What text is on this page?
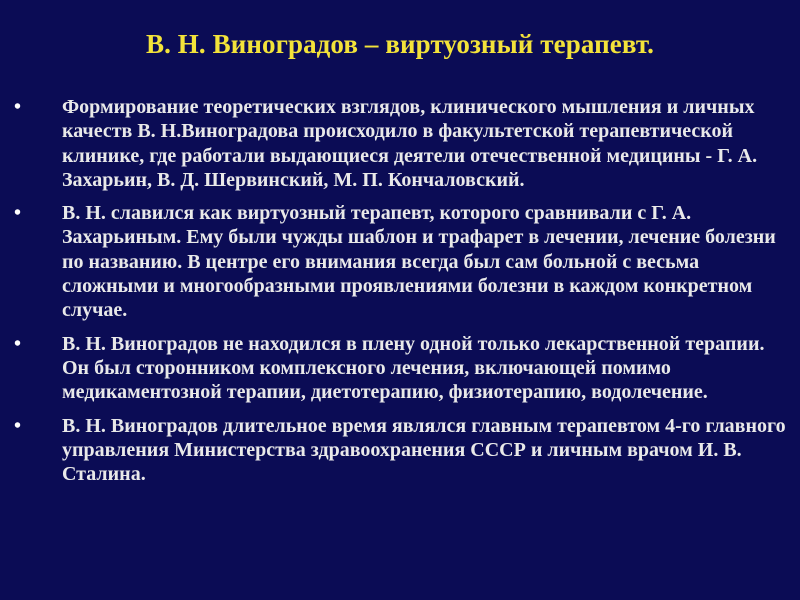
В. Н. Виноградов – виртуозный терапевт.
• Формирование теоретических взглядов, клинического мышления и личных качеств В. Н.Виноградова происходило в факультетской терапевтической клинике, где работали выдающиеся деятели отечественной медицины - Г. А. Захарьин, В. Д. Шервинский, М. П. Кончаловский.
• В. Н. славился как виртуозный терапевт, которого сравнивали с Г. А. Захарьиным. Ему были чужды шаблон и трафарет в лечении, лечение болезни по названию. В центре его внимания всегда был сам больной с весьма сложными и многообразными проявлениями болезни в каждом конкретном случае.
• В. Н. Виноградов не находился в плену одной только лекарственной терапии. Он был сторонником комплексного лечения, включающей помимо медикаментозной терапии, диетотерапию, физиотерапию, водолечение.
• В. Н. Виноградов длительное время являлся главным терапевтом 4-го главного управления Министерства здравоохранения СССР и личным врачом И. В. Сталина.
